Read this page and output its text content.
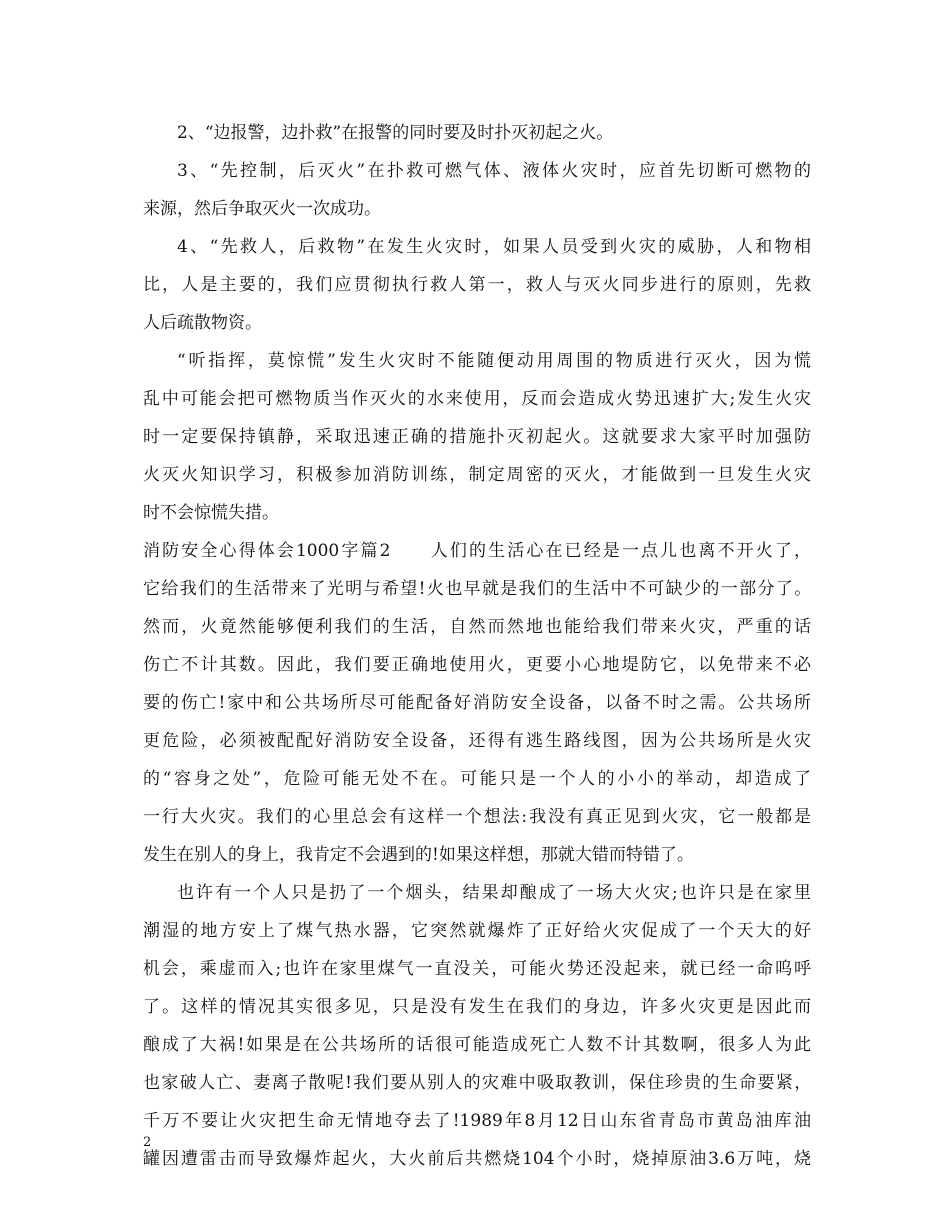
2、“边报警，边扑救”在报警的同时要及时扑灭初起之火。
3、“先控制，后灭火”在扑救可燃气体、液体火灾时，应首先切断可燃物的
来源，然后争取灭火一次成功。
4、“先救人，后救物”在发生火灾时，如果人员受到火灾的威胁，人和物相
比，人是主要的，我们应贯彻执行救人第一，救人与灭火同步进行的原则，先救
人后疏散物资。
“听指挥，莫惊慌”发生火灾时不能随便动用周围的物质进行灭火，因为慌
乱中可能会把可燃物质当作灭火的水来使用，反而会造成火势迅速扩大;发生火灾
时一定要保持镇静，采取迅速正确的措施扑灭初起火。这就要求大家平时加强防
火灭火知识学习，积极参加消防训练，制定周密的灭火，才能做到一旦发生火灾
时不会惊慌失措。
消防安全心得体会1000字篇2　　人们的生活心在已经是一点儿也离不开火了，
它给我们的生活带来了光明与希望!火也早就是我们的生活中不可缺少的一部分了。
然而，火竟然能够便利我们的生活，自然而然地也能给我们带来火灾，严重的话
伤亡不计其数。因此，我们要正确地使用火，更要小心地堤防它，以免带来不必
要的伤亡!家中和公共场所尽可能配备好消防安全设备，以备不时之需。公共场所
更危险，必须被配配好消防安全设备，还得有逃生路线图，因为公共场所是火灾
的“容身之处”，危险可能无处不在。可能只是一个人的小小的举动，却造成了
一行大火灾。我们的心里总会有这样一个想法:我没有真正见到火灾，它一般都是
发生在别人的身上，我肯定不会遇到的!如果这样想，那就大错而特错了。
也许有一个人只是扔了一个烟头，结果却酿成了一场大火灾;也许只是在家里
潮湿的地方安上了煤气热水器，它突然就爆炸了正好给火灾促成了一个天大的好
机会，乘虚而入;也许在家里煤气一直没关，可能火势还没起来，就已经一命呜呼
了。这样的情况其实很多见，只是没有发生在我们的身边，许多火灾更是因此而
酿成了大祸!如果是在公共场所的话很可能造成死亡人数不计其数啊，很多人为此
也家破人亡、妻离子散呢!我们要从别人的灾难中吸取教训，保住珍贵的生命要紧，
千万不要让火灾把生命无情地夺去了!1989年8月12日山东省青岛市黄岛油库油
罐因遭雷击而导致爆炸起火，大火前后共燃烧104个小时，烧掉原油3.6万吨，烧
2
